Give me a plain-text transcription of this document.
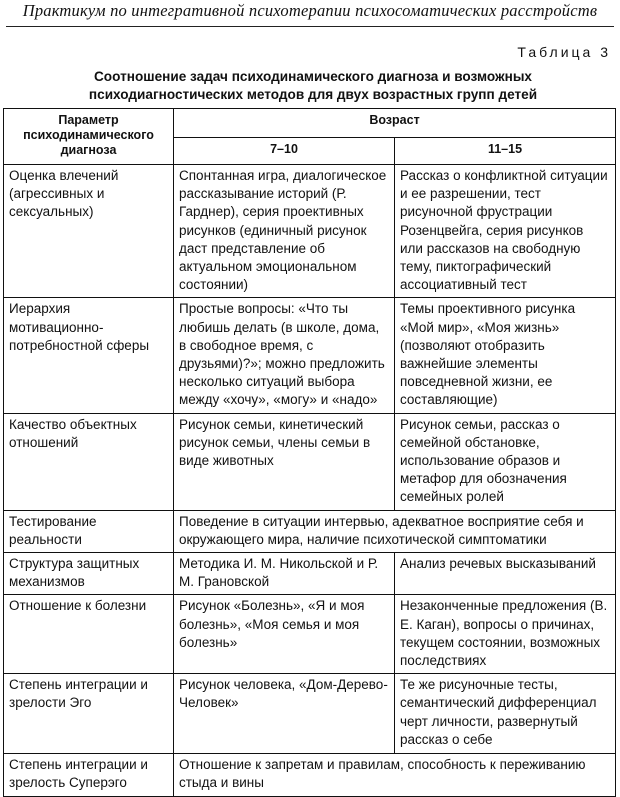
Практикум по интегративной психотерапии психосоматических расстройств
Таблица 3
Соотношение задач психодинамического диагноза и возможных психодиагностических методов для двух возрастных групп детей
Параметр психодинамического диагноза	Возраст	
	7–10	11–15
Оценка влечений (агрессивных и сексуальных)	Спонтанная игра, диалогическое рассказывание историй (Р. Гарднер), серия проективных рисунков (единичный рисунок даст представление об актуальном эмоциональном состоянии)	Рассказ о конфликтной ситуации и ее разрешении, тест рисуночной фрустрации Розенцвейга, серия рисунков или рассказов на свободную тему, пиктографический ассоциативный тест
Иерархия мотивационно-потребностной сферы	Простые вопросы: «Что ты любишь делать (в школе, дома, в свободное время, с друзьями)?»; можно предложить несколько ситуаций выбора между «хочу», «могу» и «надо»	Темы проективного рисунка «Мой мир», «Моя жизнь» (позволяют отобразить важнейшие элементы повседневной жизни, ее составляющие)
Качество объектных отношений	Рисунок семьи, кинетический рисунок семьи, члены семьи в виде животных	Рисунок семьи, рассказ о семейной обстановке, использование образов и метафор для обозначения семейных ролей
Тестирование реальности	Поведение в ситуации интервью, адекватное восприятие себя и окружающего мира, наличие психотической симптоматики	
Структура защитных механизмов	Методика И. М. Никольской и Р. М. Грановской	Анализ речевых высказываний
Отношение к болезни	Рисунок «Болезнь», «Я и моя болезнь», «Моя семья и моя болезнь»	Незаконченные предложения (В. Е. Каган), вопросы о причинах, текущем состоянии, возможных последствиях
Степень интеграции и зрелости Эго	Рисунок человека, «Дом-Дерево-Человек»	Те же рисуночные тесты, семантический дифференциал черт личности, развернутый рассказ о себе
Степень интеграции и зрелость Суперэго	Отношение к запретам и правилам, способность к переживанию стыда и вины	
